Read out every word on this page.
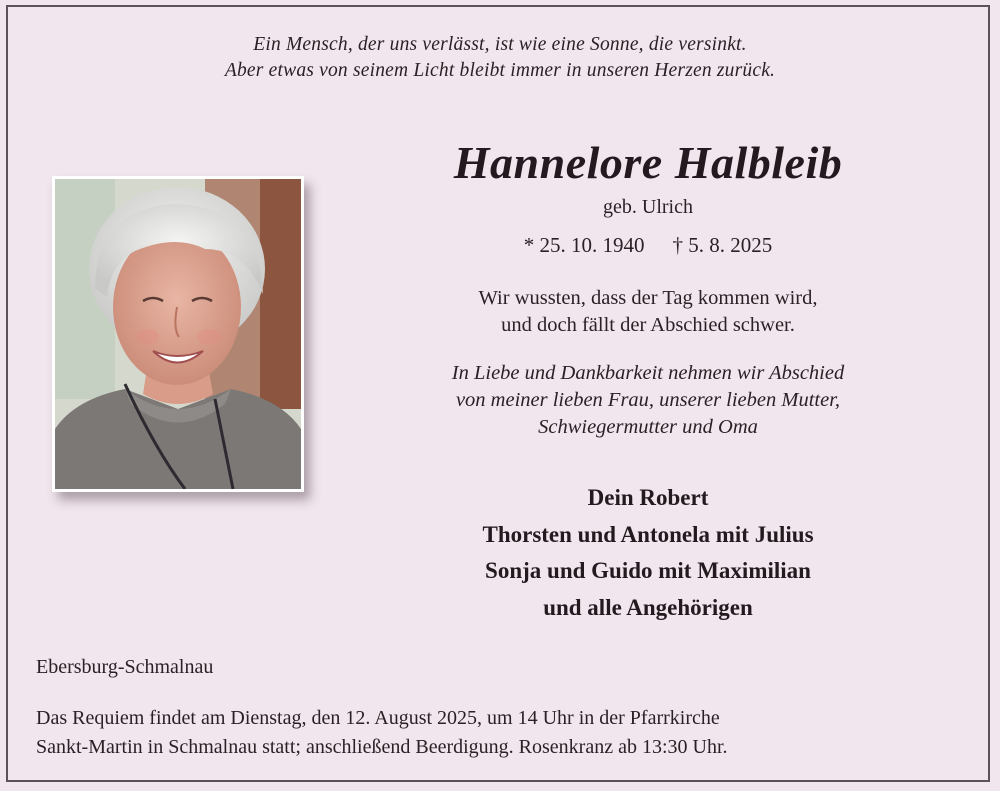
Ein Mensch, der uns verlässt, ist wie eine Sonne, die versinkt.
Aber etwas von seinem Licht bleibt immer in unseren Herzen zurück.
Hannelore Halbleib
geb. Ulrich
* 25. 10. 1940 † 5. 8. 2025
Wir wussten, dass der Tag kommen wird,
und doch fällt der Abschied schwer.
In Liebe und Dankbarkeit nehmen wir Abschied
von meiner lieben Frau, unserer lieben Mutter,
Schwiegermutter und Oma
Dein Robert
Thorsten und Antonela mit Julius
Sonja und Guido mit Maximilian
und alle Angehörigen
Ebersburg-Schmalnau
Das Requiem findet am Dienstag, den 12. August 2025, um 14 Uhr in der Pfarrkirche
Sankt-Martin in Schmalnau statt; anschließend Beerdigung. Rosenkranz ab 13:30 Uhr.
